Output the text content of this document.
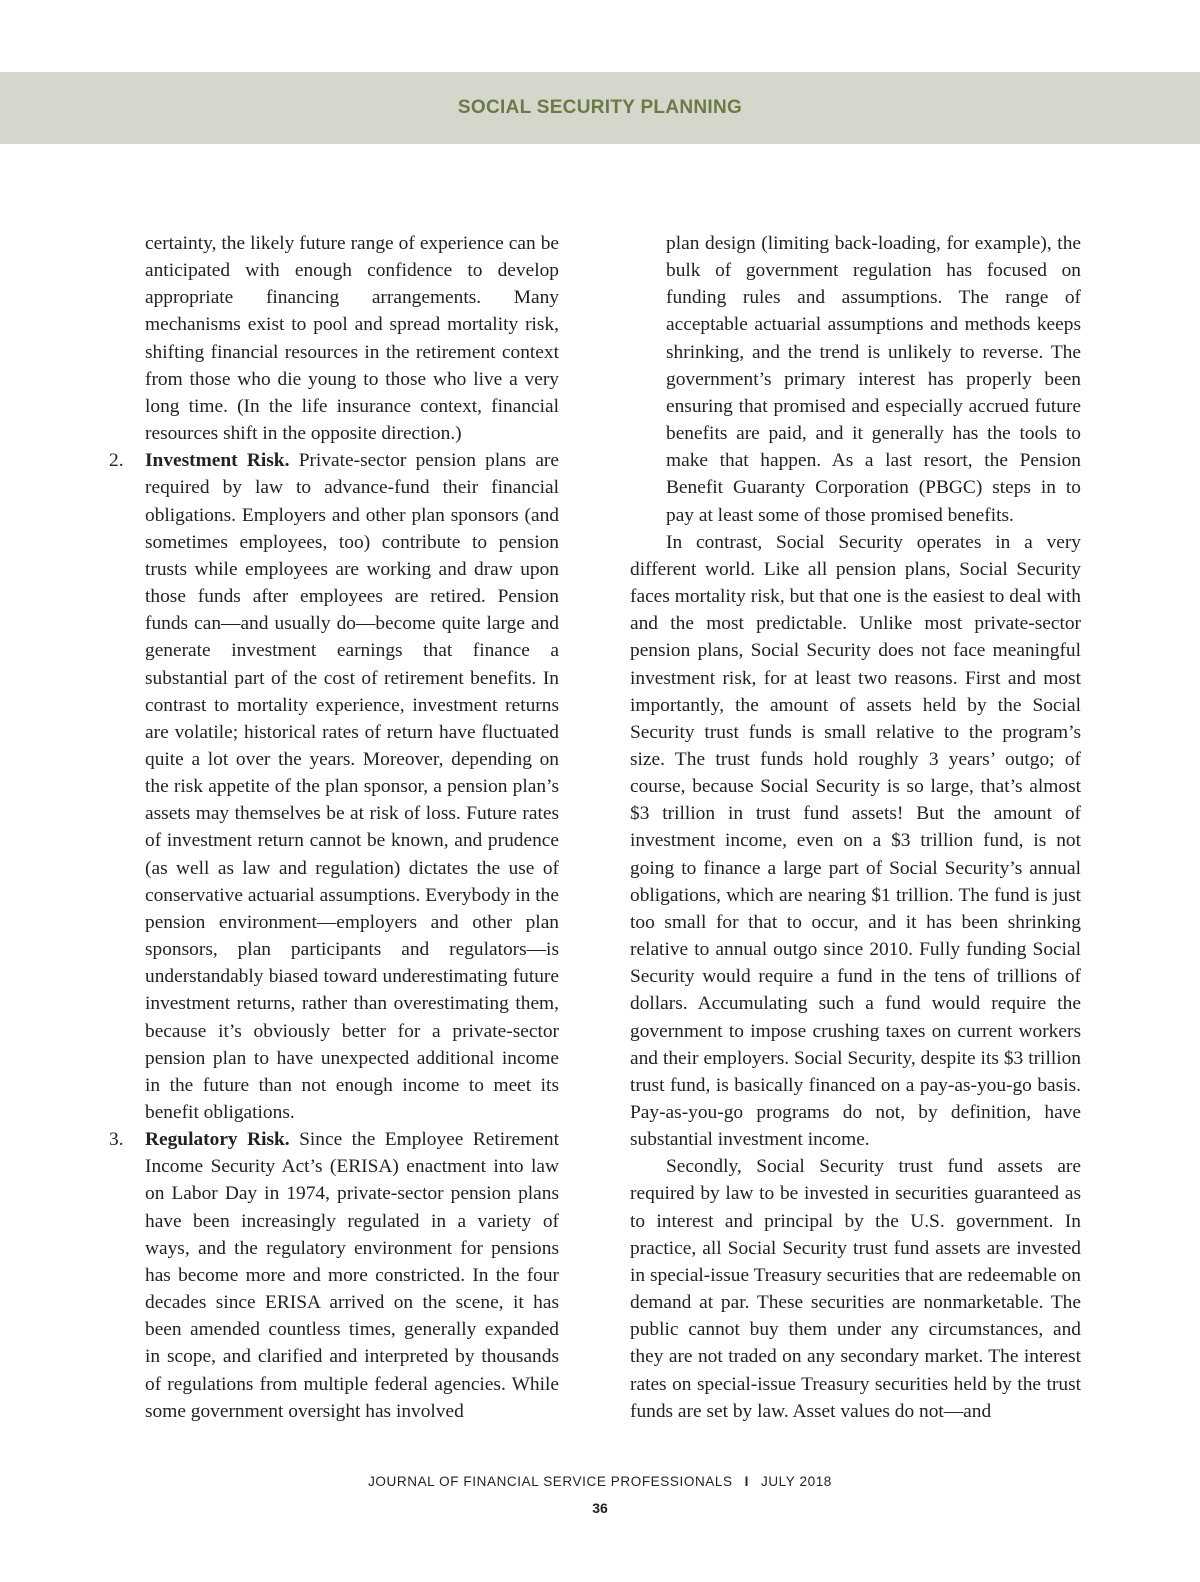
SOCIAL SECURITY PLANNING

certainty, the likely future range of experience can be anticipated with enough confidence to develop appropriate financing arrangements. Many mechanisms exist to pool and spread mortality risk, shifting financial resources in the retirement context from those who die young to those who live a very long time. (In the life insurance context, financial resources shift in the opposite direction.)

2.	Investment Risk. Private-sector pension plans are required by law to advance-fund their financial obligations. Employers and other plan sponsors (and sometimes employees, too) contribute to pension trusts while employees are working and draw upon those funds after employees are retired. Pension funds can—and usually do—become quite large and generate investment earnings that finance a substantial part of the cost of retirement benefits. In contrast to mortality experience, investment returns are volatile; historical rates of return have fluctuated quite a lot over the years. Moreover, depending on the risk appetite of the plan sponsor, a pension plan’s assets may themselves be at risk of loss. Future rates of investment return cannot be known, and prudence (as well as law and regulation) dictates the use of conservative actuarial assumptions. Everybody in the pension environment—employers and other plan sponsors, plan participants and regulators—is understandably biased toward underestimating future investment returns, rather than overestimating them, because it’s obviously better for a private-sector pension plan to have unexpected additional income in the future than not enough income to meet its benefit obligations.
3.	Regulatory Risk. Since the Employee Retirement Income Security Act’s (ERISA) enactment into law on Labor Day in 1974, private-sector pension plans have been increasingly regulated in a variety of ways, and the regulatory environment for pensions has become more and more constricted. In the four decades since ERISA arrived on the scene, it has been amended countless times, generally expanded in scope, and clarified and interpreted by thousands of regulations from multiple federal agencies. While some government oversight has involved

plan design (limiting back-loading, for example), the bulk of government regulation has focused on funding rules and assumptions. The range of acceptable actuarial assumptions and methods keeps shrinking, and the trend is unlikely to reverse. The government’s primary interest has properly been ensuring that promised and especially accrued future benefits are paid, and it generally has the tools to make that happen. As a last resort, the Pension Benefit Guaranty Corporation (PBGC) steps in to pay at least some of those promised benefits.

In contrast, Social Security operates in a very different world. Like all pension plans, Social Security faces mortality risk, but that one is the easiest to deal with and the most predictable. Unlike most private-sector pension plans, Social Security does not face meaningful investment risk, for at least two reasons. First and most importantly, the amount of assets held by the Social Security trust funds is small relative to the program’s size. The trust funds hold roughly 3 years’ outgo; of course, because Social Security is so large, that’s almost $3 trillion in trust fund assets! But the amount of investment income, even on a $3 trillion fund, is not going to finance a large part of Social Security’s annual obligations, which are nearing $1 trillion. The fund is just too small for that to occur, and it has been shrinking relative to annual outgo since 2010. Fully funding Social Security would require a fund in the tens of trillions of dollars. Accumulating such a fund would require the government to impose crushing taxes on current workers and their employers. Social Security, despite its $3 trillion trust fund, is basically financed on a pay-as-you-go basis. Pay-as-you-go programs do not, by definition, have substantial investment income.

Secondly, Social Security trust fund assets are required by law to be invested in securities guaranteed as to interest and principal by the U.S. government. In practice, all Social Security trust fund assets are invested in special-issue Treasury securities that are redeemable on demand at par. These securities are nonmarketable. The public cannot buy them under any circumstances, and they are not traded on any secondary market. The interest rates on special-issue Treasury securities held by the trust funds are set by law. Asset values do not—and

JOURNAL OF FINANCIAL SERVICE PROFESSIONALS I JULY 2018
36
